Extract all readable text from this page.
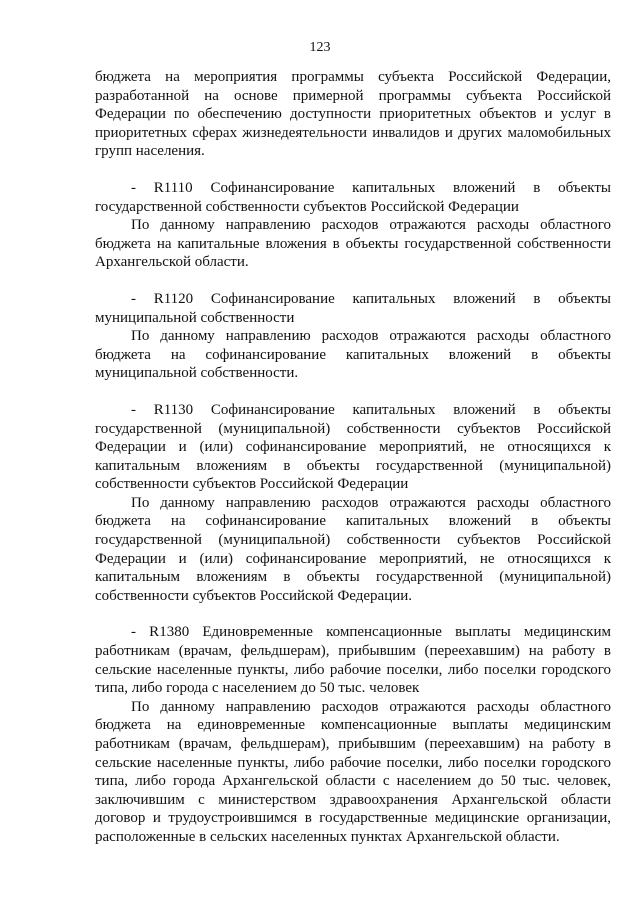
123

бюджета на мероприятия программы субъекта Российской Федерации, разработанной на основе примерной программы субъекта Российской Федерации по обеспечению доступности приоритетных объектов и услуг в приоритетных сферах жизнедеятельности инвалидов и других маломобильных групп населения.

- R1110 Софинансирование капитальных вложений в объекты государственной собственности субъектов Российской Федерации

По данному направлению расходов отражаются расходы областного бюджета на капитальные вложения в объекты государственной собственности Архангельской области.

- R1120 Софинансирование капитальных вложений в объекты муниципальной собственности

По данному направлению расходов отражаются расходы областного бюджета на софинансирование капитальных вложений в объекты муниципальной собственности.

- R1130 Софинансирование капитальных вложений в объекты государственной (муниципальной) собственности субъектов Российской Федерации и (или) софинансирование мероприятий, не относящихся к капитальным вложениям в объекты государственной (муниципальной) собственности субъектов Российской Федерации

По данному направлению расходов отражаются расходы областного бюджета на софинансирование капитальных вложений в объекты государственной (муниципальной) собственности субъектов Российской Федерации и (или) софинансирование мероприятий, не относящихся к капитальным вложениям в объекты государственной (муниципальной) собственности субъектов Российской Федерации.

- R1380 Единовременные компенсационные выплаты медицинским работникам (врачам, фельдшерам), прибывшим (переехавшим) на работу в сельские населенные пункты, либо рабочие поселки, либо поселки городского типа, либо города с населением до 50 тыс. человек

По данному направлению расходов отражаются расходы областного бюджета на единовременные компенсационные выплаты медицинским работникам (врачам, фельдшерам), прибывшим (переехавшим) на работу в сельские населенные пункты, либо рабочие поселки, либо поселки городского типа, либо города Архангельской области с населением до 50 тыс. человек, заключившим с министерством здравоохранения Архангельской области договор и трудоустроившимся в государственные медицинские организации, расположенные в сельских населенных пунктах Архангельской области.
